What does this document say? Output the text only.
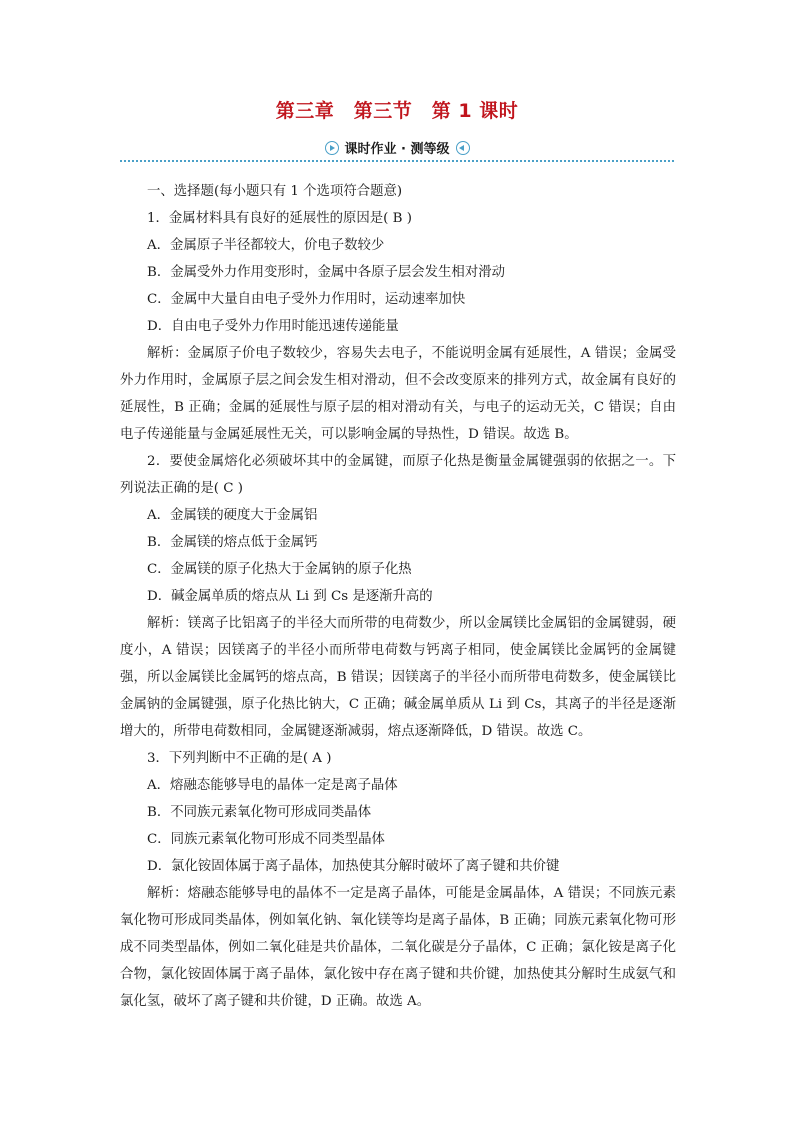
第三章　第三节　第 1 课时
课时作业 · 测等级
一、选择题(每小题只有 1 个选项符合题意)
1．金属材料具有良好的延展性的原因是( B )
A．金属原子半径都较大，价电子数较少
B．金属受外力作用变形时，金属中各原子层会发生相对滑动
C．金属中大量自由电子受外力作用时，运动速率加快
D．自由电子受外力作用时能迅速传递能量
解析：金属原子价电子数较少，容易失去电子，不能说明金属有延展性，A 错误；金属受外力作用时，金属原子层之间会发生相对滑动，但不会改变原来的排列方式，故金属有良好的延展性，B 正确；金属的延展性与原子层的相对滑动有关，与电子的运动无关，C 错误；自由电子传递能量与金属延展性无关，可以影响金属的导热性，D 错误。故选 B。
2．要使金属熔化必须破坏其中的金属键，而原子化热是衡量金属键强弱的依据之一。下列说法正确的是( C )
A．金属镁的硬度大于金属铝
B．金属镁的熔点低于金属钙
C．金属镁的原子化热大于金属钠的原子化热
D．碱金属单质的熔点从 Li 到 Cs 是逐渐升高的
解析：镁离子比铝离子的半径大而所带的电荷数少，所以金属镁比金属铝的金属键弱，硬度小，A 错误；因镁离子的半径小而所带电荷数与钙离子相同，使金属镁比金属钙的金属键强，所以金属镁比金属钙的熔点高，B 错误；因镁离子的半径小而所带电荷数多，使金属镁比金属钠的金属键强，原子化热比钠大，C 正确；碱金属单质从 Li 到 Cs，其离子的半径是逐渐增大的，所带电荷数相同，金属键逐渐减弱，熔点逐渐降低，D 错误。故选 C。
3．下列判断中不正确的是( A )
A．熔融态能够导电的晶体一定是离子晶体
B．不同族元素氧化物可形成同类晶体
C．同族元素氧化物可形成不同类型晶体
D．氯化铵固体属于离子晶体，加热使其分解时破坏了离子键和共价键
解析：熔融态能够导电的晶体不一定是离子晶体，可能是金属晶体，A 错误；不同族元素氧化物可形成同类晶体，例如氧化钠、氧化镁等均是离子晶体，B 正确；同族元素氧化物可形成不同类型晶体，例如二氧化硅是共价晶体，二氧化碳是分子晶体，C 正确；氯化铵是离子化合物，氯化铵固体属于离子晶体，氯化铵中存在离子键和共价键，加热使其分解时生成氨气和氯化氢，破坏了离子键和共价键，D 正确。故选 A。
